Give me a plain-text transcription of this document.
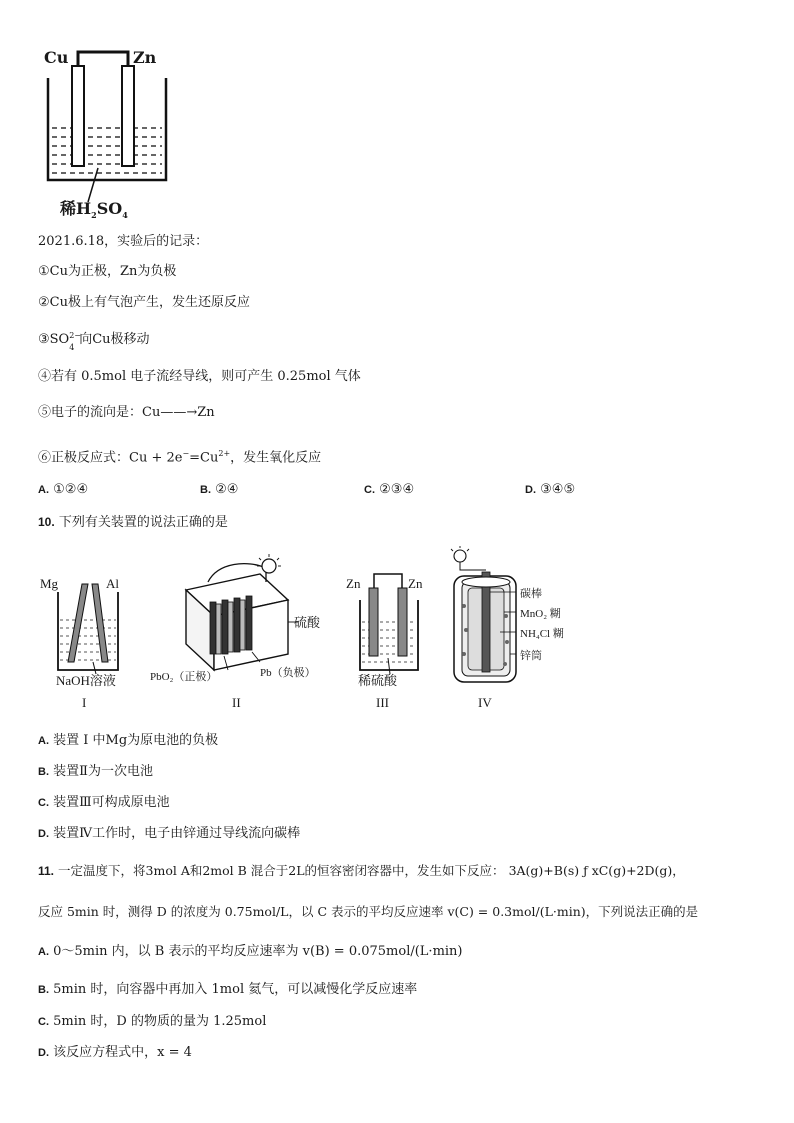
Cu	Zn
稀$H_2SO_4$
2021.6.18，实验后的记录：
①Cu为正极，Zn为负极
②Cu极上有气泡产生，发生还原反应
③SO 2−
4 向Cu极移动
④若有 0.5mol 电子流经导线，则可产生 0.25mol 气体
⑤电子的流向是：Cu——→Zn
⑥正极反应式：$Cu + 2e^-=Cu^{2+}$，发生氧化反应
A. ①②④	B. ②④	C. ②③④	D. ③④⑤
10. 下列有关装置的说法正确的是
Mg	Al
NaOH溶液
I
硫酸
Pb（负极）
PbO₂（正极）
II
Zn	Zn
稀硫酸
III
碳棒
MnO₂ 糊
NH₄Cl 糊
锌筒
IV
A. 装置 I 中Mg为原电池的负极
B. 装置Ⅱ为一次电池
C. 装置Ⅲ可构成原电池
D. 装置Ⅳ工作时，电子由锌通过导线流向碳棒
11. 一定温度下，将3mol A和2mol B 混合于2L的恒容密闭容器中，发生如下反应： 3A(g)+B(s) ƒ xC(g)+2D(g)，
反应 5min 时，测得 D 的浓度为 0.75mol/L，以 C 表示的平均反应速率 v(C) = 0.3mol/(L·min)，下列说法正确的是
A. 0～5min 内，以 B 表示的平均反应速率为 v(B) = 0.075mol/(L·min)
B. 5min 时，向容器中再加入 1mol 氦气，可以减慢化学反应速率
C. 5min 时，D 的物质的量为 1.25mol
D. 该反应方程式中，x = 4
